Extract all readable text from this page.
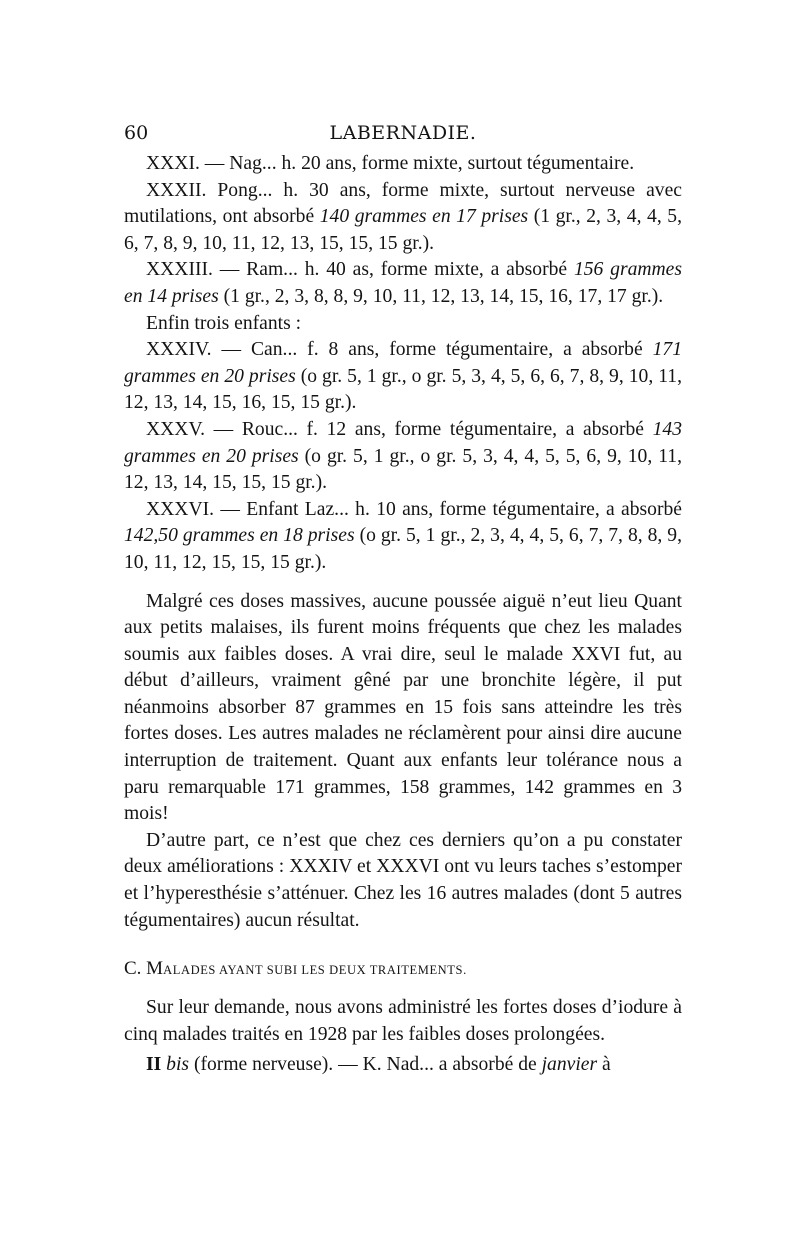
60	LABERNADIE.

XXXI. — Nag... h. 20 ans, forme mixte, surtout tégumentaire.

XXXII. Pong... h. 30 ans, forme mixte, surtout nerveuse avec mutilations, ont absorbé 140 grammes en 17 prises (1 gr., 2, 3, 4, 4, 5, 6, 7, 8, 9, 10, 11, 12, 13, 15, 15, 15 gr.).

XXXIII. — Ram... h. 40 as, forme mixte, a absorbé 156 grammes en 14 prises (1 gr., 2, 3, 8, 8, 9, 10, 11, 12, 13, 14, 15, 16, 17, 17 gr.).

Enfin trois enfants :

XXXIV. — Can... f. 8 ans, forme tégumentaire, a absorbé 171 grammes en 20 prises (o gr. 5, 1 gr., o gr. 5, 3, 4, 5, 6, 6, 7, 8, 9, 10, 11, 12, 13, 14, 15, 16, 15, 15 gr.).

XXXV. — Rouc... f. 12 ans, forme tégumentaire, a absorbé 143 grammes en 20 prises (o gr. 5, 1 gr., o gr. 5, 3, 4, 4, 5, 5, 6, 9, 10, 11, 12, 13, 14, 15, 15, 15 gr.).

XXXVI. — Enfant Laz... h. 10 ans, forme tégumentaire, a absorbé 142,50 grammes en 18 prises (o gr. 5, 1 gr., 2, 3, 4, 4, 5, 6, 7, 7, 8, 8, 9, 10, 11, 12, 15, 15, 15 gr.).

Malgré ces doses massives, aucune poussée aiguë n’eut lieu Quant aux petits malaises, ils furent moins fréquents que chez les malades soumis aux faibles doses. A vrai dire, seul le malade XXVI fut, au début d’ailleurs, vraiment gêné par une bronchite légère, il put néanmoins absorber 87 grammes en 15 fois sans atteindre les très fortes doses. Les autres malades ne réclamèrent pour ainsi dire aucune interruption de traitement. Quant aux enfants leur tolérance nous a paru remarquable 171 grammes, 158 grammes, 142 grammes en 3 mois!

D’autre part, ce n’est que chez ces derniers qu’on a pu constater deux améliorations : XXXIV et XXXVI ont vu leurs taches s’estomper et l’hyperesthésie s’atténuer. Chez les 16 autres malades (dont 5 autres tégumentaires) aucun résultat.

C. MALADES AYANT SUBI LES DEUX TRAITEMENTS.

Sur leur demande, nous avons administré les fortes doses d’iodure à cinq malades traités en 1928 par les faibles doses prolongées.

II bis (forme nerveuse). — K. Nad... a absorbé de janvier à
